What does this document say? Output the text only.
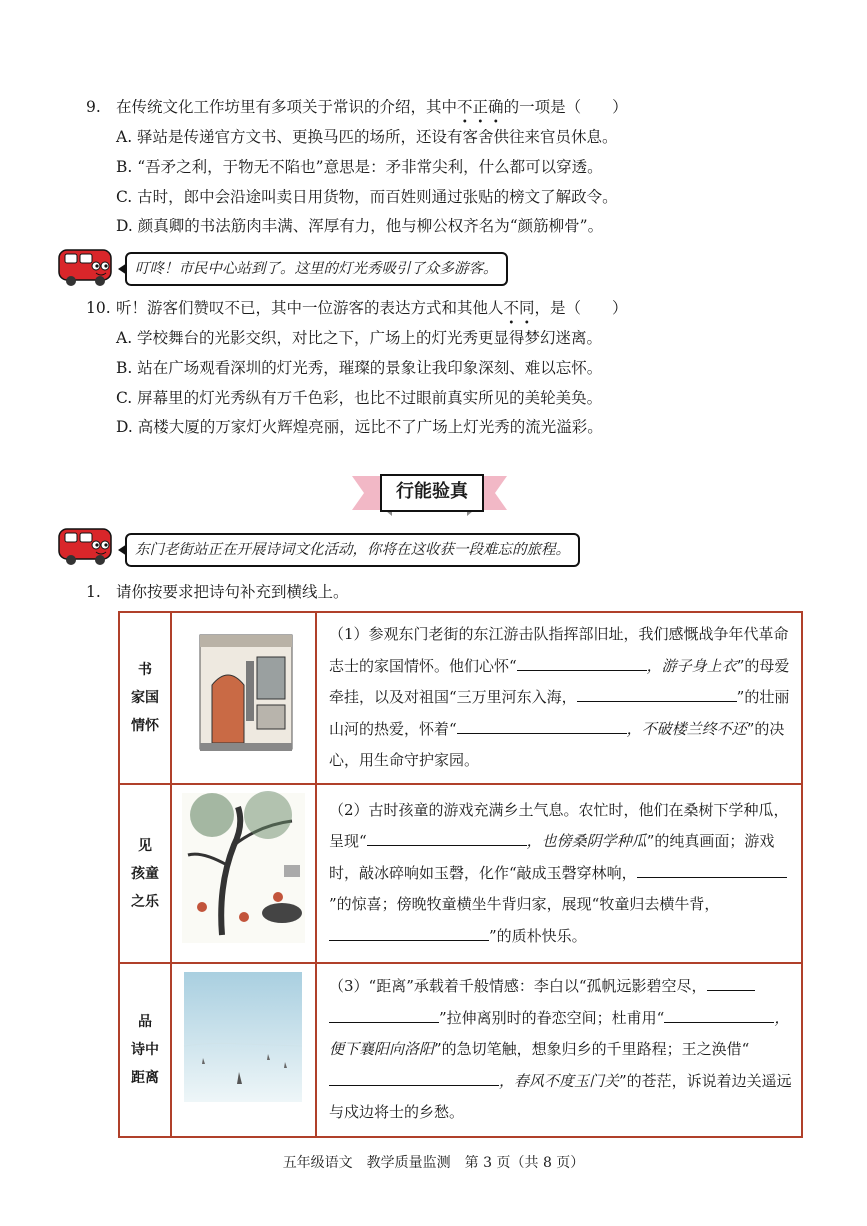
9. 在传统文化工作坊里有多项关于常识的介绍，其中不正确的一项是（　　）
A. 驿站是传递官方文书、更换马匹的场所，还设有客舍供往来官员休息。
B. “吾矛之利，于物无不陷也”意思是：矛非常尖利，什么都可以穿透。
C. 古时，郎中会沿途叫卖日用货物，而百姓则通过张贴的榜文了解政令。
D. 颜真卿的书法筋肉丰满、浑厚有力，他与柳公权齐名为“颜筋柳骨”。
叮咚！市民中心站到了。这里的灯光秀吸引了众多游客。
10. 听！游客们赞叹不已，其中一位游客的表达方式和其他人不同，是（　　）
A. 学校舞台的光影交织，对比之下，广场上的灯光秀更显得梦幻迷离。
B. 站在广场观看深圳的灯光秀，璀璨的景象让我印象深刻、难以忘怀。
C. 屏幕里的灯光秀纵有万千色彩，也比不过眼前真实所见的美轮美奂。
D. 高楼大厦的万家灯火辉煌亮丽，远比不了广场上灯光秀的流光溢彩。
行能验真
东门老街站正在开展诗词文化活动，你将在这收获一段难忘的旅程。
1. 请你按要求把诗句补充到横线上。
书
家国
情怀		（1）参观东门老街的东江游击队指挥部旧址，我们感慨战争年代革命志士的家国情怀。他们心怀“ ，游子身上衣”的母爱牵挂，以及对祖国“三万里河东入海， ”的壮丽山河的热爱，怀着“ ，不破楼兰终不还”的决心，用生命守护家园。

见
孩童
之乐		（2）古时孩童的游戏充满乡土气息。农忙时，他们在桑树下学种瓜，呈现“ ，也傍桑阴学种瓜”的纯真画面；游戏时，敲冰碎响如玉磬，化作“敲成玉磬穿林响，”的惊喜；傍晚牧童横坐牛背归家，展现“牧童归去横牛背，”的质朴快乐。

品
诗中
距离		（3）“距离”承载着千般情感：李白以“孤帆远影碧空尽，”拉伸离别时的眷恋空间；杜甫用“ ，便下襄阳向洛阳”的急切笔触，想象归乡的千里路程；王之涣借“，春风不度玉门关”的苍茫，诉说着边关遥远与戍边将士的乡愁。
五年级语文　教学质量监测　第 3 页（共 8 页）
